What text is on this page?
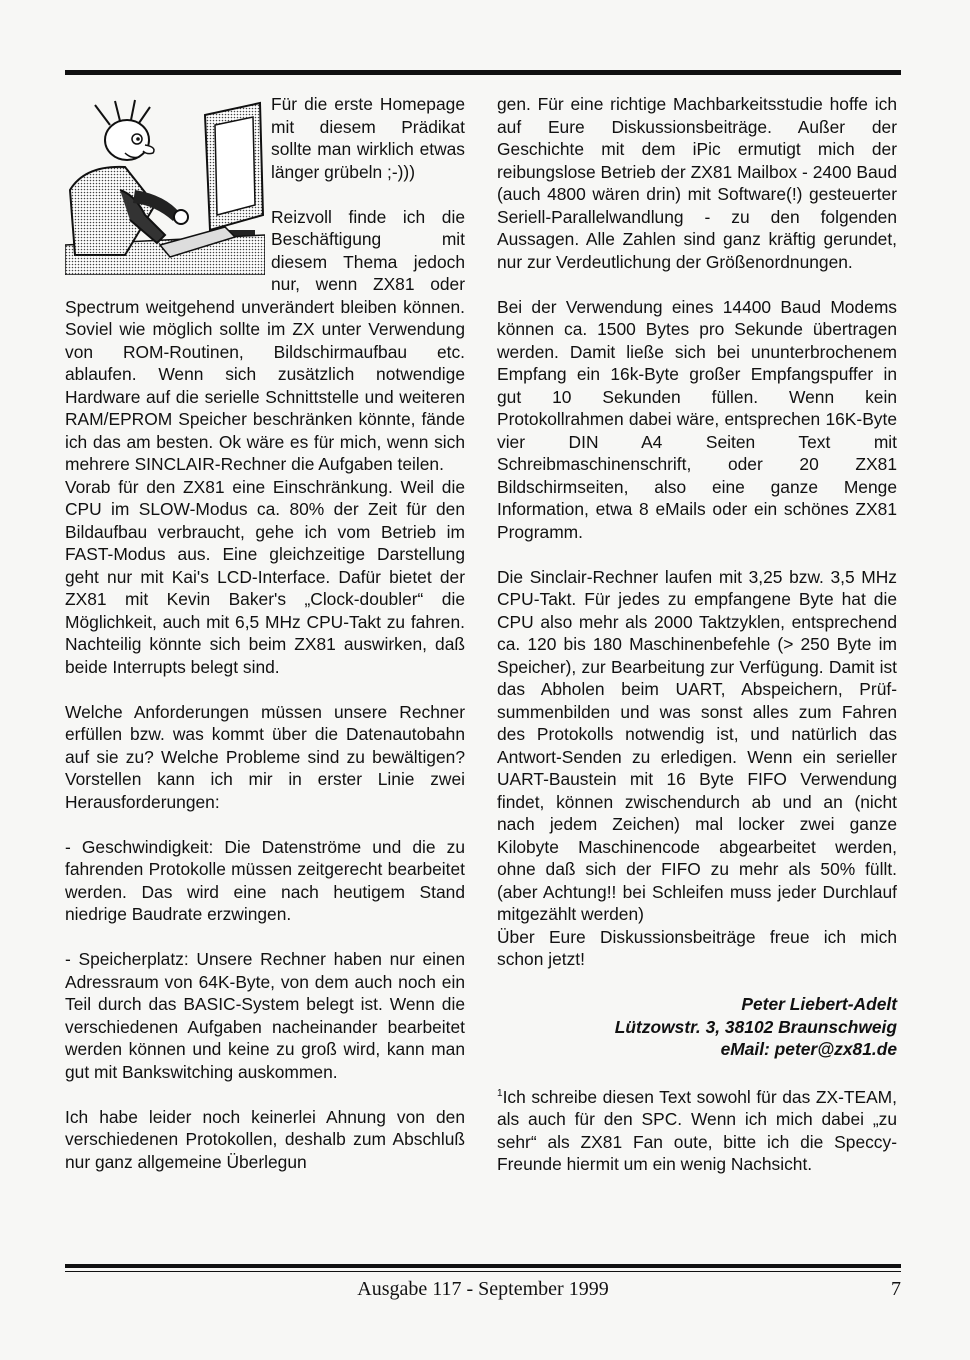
Für die erste Homepage mit diesem Prädikat sollte man wirklich etwas länger grübeln ;-)))

Reizvoll finde ich die Beschäftigung mit diesem Thema jedoch nur, wenn ZX81 oder Spectrum weitgehend unverändert bleiben können. Soviel wie möglich sollte im ZX unter Verwendung von ROM-Routinen, Bildschirmaufbau etc. ablaufen. Wenn sich zusätzlich notwendige Hardware auf die serielle Schnittstelle und weiteren RAM/EPROM Speicher beschränken könnte, fände ich das am besten. Ok wäre es für mich, wenn sich mehrere SINCLAIR-Rechner die Aufgaben teilen.

Vorab für den ZX81 eine Einschränkung. Weil die CPU im SLOW-Modus ca. 80% der Zeit für den Bildaufbau verbraucht, gehe ich vom Betrieb im FAST-Modus aus. Eine gleichzeitige Darstellung geht nur mit Kai's LCD-Interface. Dafür bietet der ZX81 mit Kevin Baker's „Clock-doubler“ die Möglichkeit, auch mit 6,5 MHz CPU-Takt zu fahren. Nachteilig könnte sich beim ZX81 auswirken, daß beide Interrupts belegt sind.

Welche Anforderungen müssen unsere Rechner erfüllen bzw. was kommt über die Datenautobahn auf sie zu? Welche Probleme sind zu bewältigen? Vorstellen kann ich mir in erster Linie zwei Herausforderungen:

- Geschwindigkeit: Die Datenströme und die zu fahrenden Protokolle müssen zeitgerecht bearbeitet werden. Das wird eine nach heutigem Stand niedrige Baudrate erzwingen.

- Speicherplatz: Unsere Rechner haben nur einen Adressraum von 64K-Byte, von dem auch noch ein Teil durch das BASIC-System belegt ist. Wenn die verschiedenen Aufgaben nacheinander bearbeitet werden können und keine zu groß wird, kann man gut mit Bankswitching auskommen.

Ich habe leider noch keinerlei Ahnung von den verschiedenen Protokollen, deshalb zum Abschluß nur ganz allgemeine Überlegun

gen. Für eine richtige Machbarkeitsstudie hoffe ich auf Eure Diskussionsbeiträge. Außer der Geschichte mit dem iPic ermutigt mich der reibungslose Betrieb der ZX81 Mailbox - 2400 Baud (auch 4800 wären drin) mit Software(!) gesteuerter Seriell-Parallelwandlung - zu den folgenden Aussagen. Alle Zahlen sind ganz kräftig gerundet, nur zur Verdeutlichung der Größenordnungen.

Bei der Verwendung eines 14400 Baud Modems können ca. 1500 Bytes pro Sekunde übertragen werden. Damit ließe sich bei ununterbrochenem Empfang ein 16k-Byte großer Empfangspuffer in gut 10 Sekunden füllen. Wenn kein Protokollrahmen dabei wäre, entsprechen 16K-Byte vier DIN A4 Seiten Text mit Schreibmaschinenschrift, oder 20 ZX81 Bildschirmseiten, also eine ganze Menge Information, etwa 8 eMails oder ein schönes ZX81 Programm.

Die Sinclair-Rechner laufen mit 3,25 bzw. 3,5 MHz CPU-Takt. Für jedes zu empfangene Byte hat die CPU also mehr als 2000 Taktzyklen, entsprechend ca. 120 bis 180 Maschinenbefehle (> 250 Byte im Speicher), zur Bearbeitung zur Verfügung. Damit ist das Abholen beim UART, Abspeichern, Prüfsummenbilden und was sonst alles zum Fahren des Protokolls notwendig ist, und natürlich das Antwort-Senden zu erledigen. Wenn ein serieller UART-Baustein mit 16 Byte FIFO Verwendung findet, können zwischendurch ab und an (nicht nach jedem Zeichen) mal locker zwei ganze Kilobyte Maschinencode abgearbeitet werden, ohne daß sich der FIFO zu mehr als 50% füllt. (aber Achtung!! bei Schleifen muss jeder Durchlauf mitgezählt werden)

Über Eure Diskussionsbeiträge freue ich mich schon jetzt!

Peter Liebert-Adelt

Lützowstr. 3, 38102 Braunschweig

eMail: peter@zx81.de

$^1$Ich schreibe diesen Text sowohl für das ZX-TEAM, als auch für den SPC. Wenn ich mich dabei „zu sehr“ als ZX81 Fan oute, bitte ich die Speccy-Freunde hiermit um ein wenig Nachsicht.

Ausgabe 117 - September 1999	7
